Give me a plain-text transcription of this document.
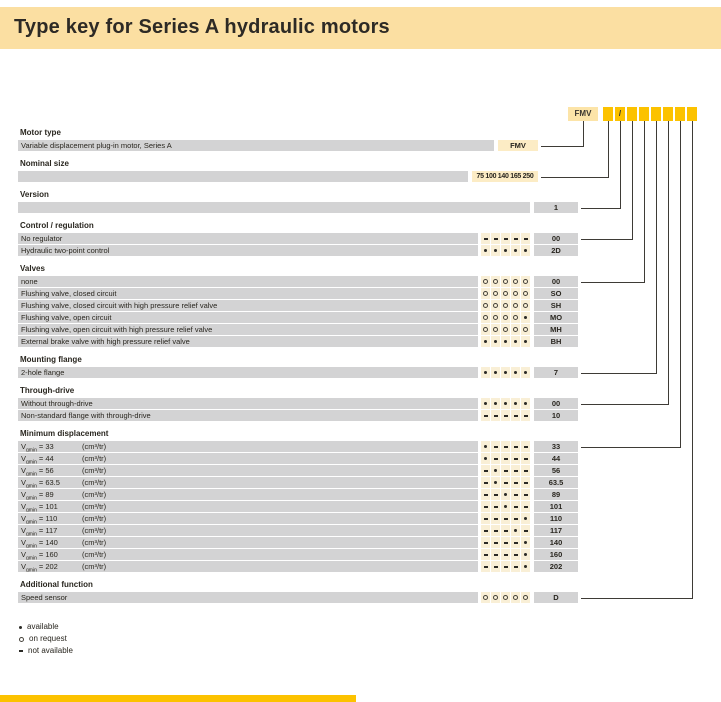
Type key for Series A hydraulic motors
FMV	/
Motor type
Variable displacement plug-in motor, Series A	FMV
Nominal size
75 100 140 165 250
Version
1
Control / regulation
No regulator	00
Hydraulic two-point control	2D
Valves
none	00
Flushing valve, closed circuit	SO
Flushing valve, closed circuit with high pressure relief valve	SH
Flushing valve, open circuit	MO
Flushing valve, open circuit with high pressure relief valve	MH
External brake valve with high pressure relief valve	BH
Mounting flange
2-hole flange	7
Through-drive
Without through-drive	00
Non-standard flange with through-drive	10
Minimum displacement
$V_{gmin} = 33$	(cm³/tr)	33
$V_{gmin} = 44$	(cm³/tr)	44
$V_{gmin} = 56$	(cm³/tr)	56
$V_{gmin} = 63.5$	(cm³/tr)	63.5
$V_{gmin} = 89$	(cm³/tr)	89
$V_{gmin} = 101$	(cm³/tr)	101
$V_{gmin} = 110$	(cm³/tr)	110
$V_{gmin} = 117$	(cm³/tr)	117
$V_{gmin} = 140$	(cm³/tr)	140
$V_{gmin} = 160$	(cm³/tr)	160
$V_{gmin} = 202$	(cm³/tr)	202
Additional function
Speed sensor	D
available
on request
not available
